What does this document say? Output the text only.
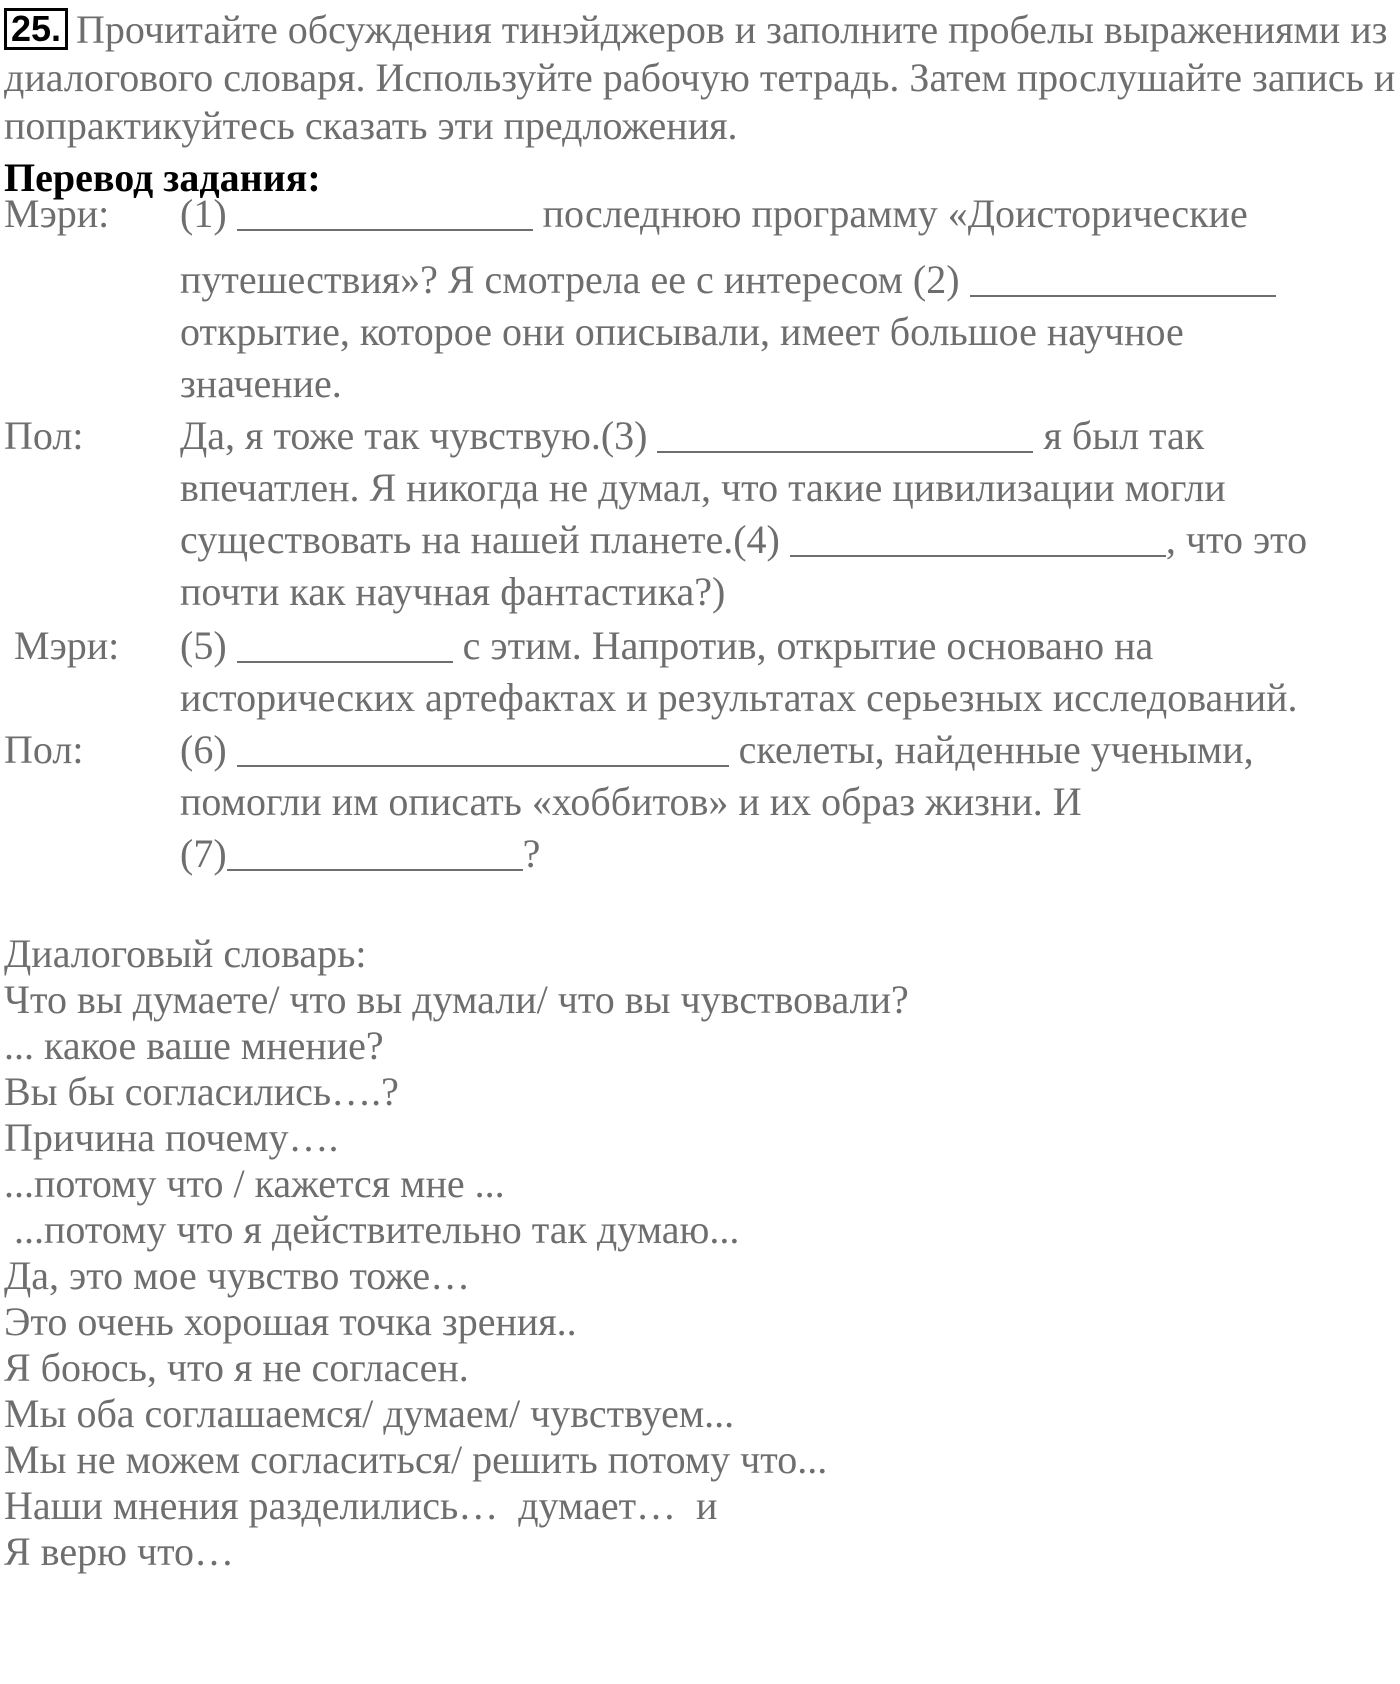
25. Прочитайте обсуждения тинэйджеров и заполните пробелы выражениями из диалогового словаря. Используйте рабочую тетрадь. Затем прослушайте запись и попрактикуйтесь сказать эти предложения.
Перевод задания:
Мэри: (1)	последнюю программу «Доисторические
путешествия»? Я смотрела ее с интересом (2)
открытие, которое они описывали, имеет большое научное
значение.
Пол: Да, я тоже так чувствую.(3)	я был так
впечатлен. Я никогда не думал, что такие цивилизации могли
существовать на нашей планете.(4)	, что это
почти как научная фантастика?)
Мэри: (5)	с этим. Напротив, открытие основано на
исторических артефактах и результатах серьезных исследований.
Пол: (6)	скелеты, найденные учеными,
помогли им описать «хоббитов» и их образ жизни. И
(7)	?
Диалоговый словарь:
Что вы думаете/ что вы думали/ что вы чувствовали?
... какое ваше мнение?
Вы бы согласились….?
Причина почему….
...потому что / кажется мне ...
...потому что я действительно так думаю...
Да, это мое чувство тоже…
Это очень хорошая точка зрения..
Я боюсь, что я не согласен.
Мы оба соглашаемся/ думаем/ чувствуем...
Мы не можем согласиться/ решить потому что...
Наши мнения разделились…  думает…  и
Я верю что…
